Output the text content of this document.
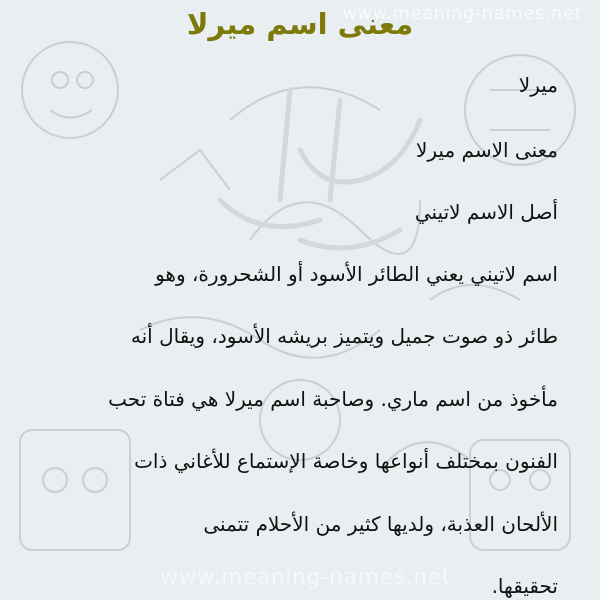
www.meaning-names.net
معنى اسم ميرلا
ميرلا
معنى الاسم ميرلا
أصل الاسم لاتيني
اسم لاتيني يعني الطائر الأسود أو الشحرورة، وهو
طائر ذو صوت جميل ويتميز بريشه الأسود، ويقال أنه
مأخوذ من اسم ماري. وصاحبة اسم ميرلا هي فتاة تحب
الفنون بمختلف أنواعها وخاصة الإستماع للأغاني ذات
الألحان العذبة، ولديها كثير من الأحلام تتمنى
تحقيقها.
www.meaning-names.net
